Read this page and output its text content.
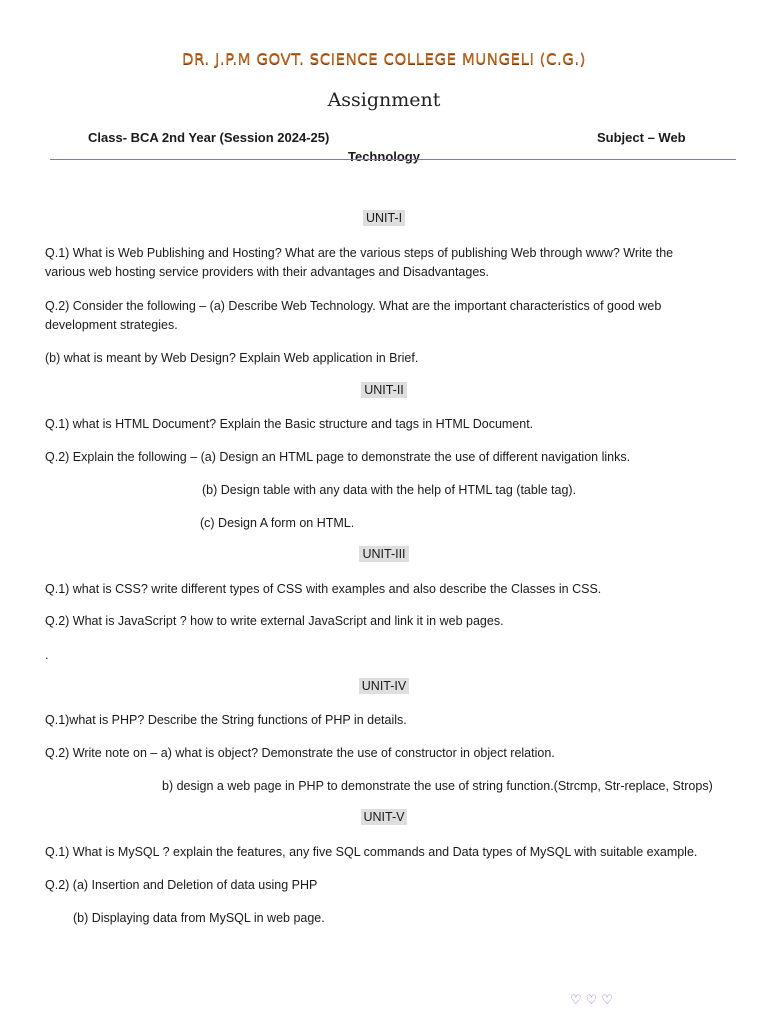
DR. J.P.M GOVT. SCIENCE COLLEGE MUNGELI (C.G.)
Assignment
Class- BCA 2nd Year (Session 2024-25)	Subject – Web
Technology
UNIT-I
Q.1) What is Web Publishing and Hosting? What are the various steps of publishing Web through www? Write the
various web hosting service providers with their advantages and Disadvantages.
Q.2) Consider the following – (a) Describe Web Technology. What are the important characteristics of good web
development strategies.
(b) what is meant by Web Design? Explain Web application in Brief.
UNIT-II
Q.1) what is HTML Document? Explain the Basic structure and tags in HTML Document.
Q.2) Explain the following – (a) Design an HTML page to demonstrate the use of different navigation links.
(b) Design table with any data with the help of HTML tag (table tag).
(c) Design A form on HTML.
UNIT-III
Q.1) what is CSS? write different types of CSS with examples and also describe the Classes in CSS.
Q.2) What is JavaScript ? how to write external JavaScript and link it in web pages.
.
UNIT-IV
Q.1)what is PHP? Describe the String functions of PHP in details.
Q.2) Write note on – a) what is object? Demonstrate the use of constructor in object relation.
b) design a web page in PHP to demonstrate the use of string function.(Strcmp, Str-replace, Strops)
UNIT-V
Q.1) What is MySQL ? explain the features, any five SQL commands and Data types of MySQL with suitable example.
Q.2) (a) Insertion and Deletion of data using PHP
(b) Displaying data from MySQL in web page.
♡♡♡
